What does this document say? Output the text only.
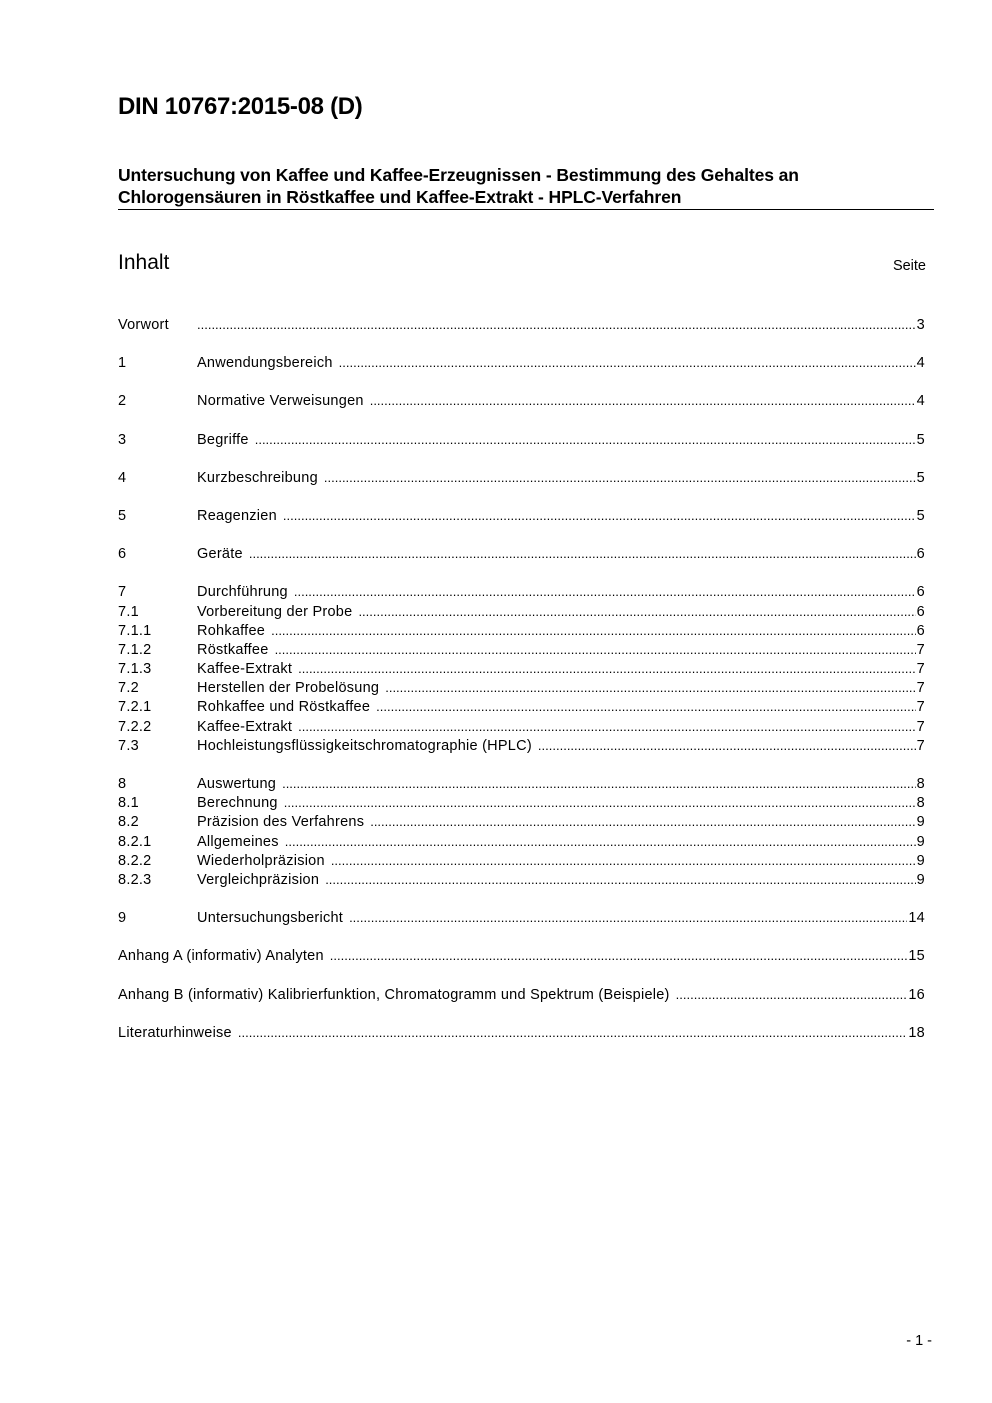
DIN 10767:2015-08 (D)
Untersuchung von Kaffee und Kaffee-Erzeugnissen - Bestimmung des Gehaltes an
Chlorogensäuren in Röstkaffee und Kaffee-Extrakt - HPLC-Verfahren
Inhalt	Seite
Vorwort .....	3
1	Anwendungsbereich .....	4
2	Normative Verweisungen .....	4
3	Begriffe .....	5
4	Kurzbeschreibung .....	5
5	Reagenzien .....	5
6	Geräte .....	6
7	Durchführung .....	6
7.1	Vorbereitung der Probe .....	6
7.1.1	Rohkaffee .....	6
7.1.2	Röstkaffee .....	7
7.1.3	Kaffee-Extrakt .....	7
7.2	Herstellen der Probelösung .....	7
7.2.1	Rohkaffee und Röstkaffee .....	7
7.2.2	Kaffee-Extrakt .....	7
7.3	Hochleistungsflüssigkeitschromatographie (HPLC) .....	7
8	Auswertung .....	8
8.1	Berechnung .....	8
8.2	Präzision des Verfahrens .....	9
8.2.1	Allgemeines .....	9
8.2.2	Wiederholpräzision .....	9
8.2.3	Vergleichpräzision .....	9
9	Untersuchungsbericht .....	14
Anhang A (informativ) Analyten .....	15
Anhang B (informativ) Kalibrierfunktion, Chromatogramm und Spektrum (Beispiele) .....	16
Literaturhinweise .....	18
- 1 -
